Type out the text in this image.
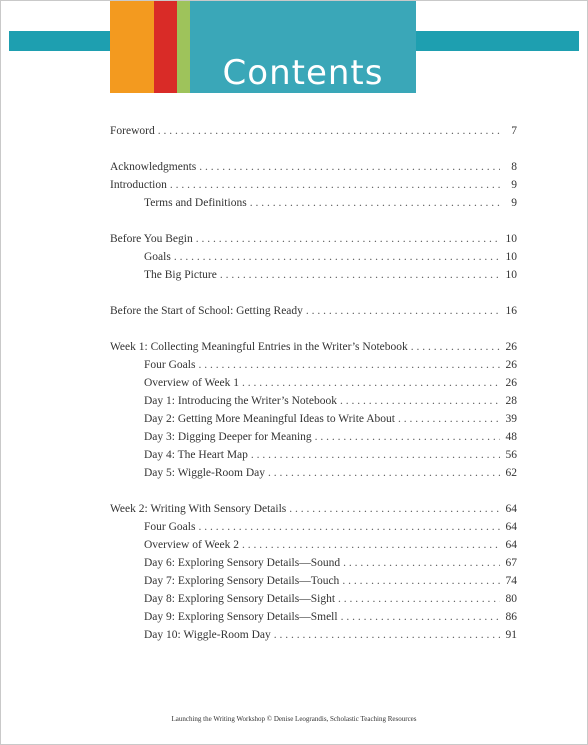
Contents
Foreword . . .	7
Acknowledgments . . .	8
Introduction . . .	9
Terms and Definitions . . .	9
Before You Begin . . .	10
Goals . . .	10
The Big Picture . . .	10
Before the Start of School: Getting Ready . . .	16
Week 1: Collecting Meaningful Entries in the Writer’s Notebook . . .	26
Four Goals . . .	26
Overview of Week 1 . . .	26
Day 1: Introducing the Writer’s Notebook . . .	28
Day 2: Getting More Meaningful Ideas to Write About . . .	39
Day 3: Digging Deeper for Meaning . . .	48
Day 4: The Heart Map . . .	56
Day 5: Wiggle-Room Day . . .	62
Week 2: Writing With Sensory Details . . .	64
Four Goals . . .	64
Overview of Week 2 . . .	64
Day 6: Exploring Sensory Details—Sound . . .	67
Day 7: Exploring Sensory Details—Touch . . .	74
Day 8: Exploring Sensory Details—Sight . . .	80
Day 9: Exploring Sensory Details—Smell . . .	86
Day 10: Wiggle-Room Day . . .	91
Launching the Writing Workshop © Denise Leograndis, Scholastic Teaching Resources
